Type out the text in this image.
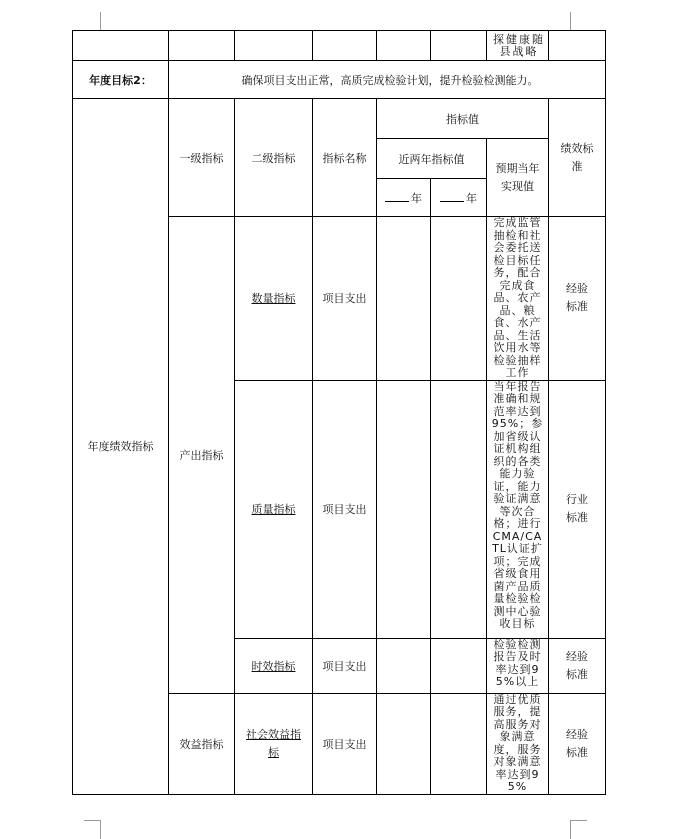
						探健康随县战略	
年度目标2：	确保项目支出正常，高质完成检验计划，提升检验检测能力。						
年度绩效指标	一级指标	二级指标	指标名称	指标值			绩效标准
				近两年指标值		预期当年实现值	
				年	年		
	产出指标	数量指标	项目支出			完成监管抽检和社会委托送检目标任务，配合完成食品、农产品、粮食、水产品、生活饮用水等检验抽样工作	经验标准
		质量指标	项目支出			当年报告准确和规范率达到95%；参加省级认证机构组织的各类能力验证，能力验证满意等次合格；进行CMA/CATL认证扩项；完成省级食用菌产品质量检验检测中心验收目标	行业标准
		时效指标	项目支出			检验检测报告及时率达到95%以上	经验标准
	效益指标	社会效益指标	项目支出			通过优质服务，提高服务对象满意度，服务对象满意率达到95%	经验标准
